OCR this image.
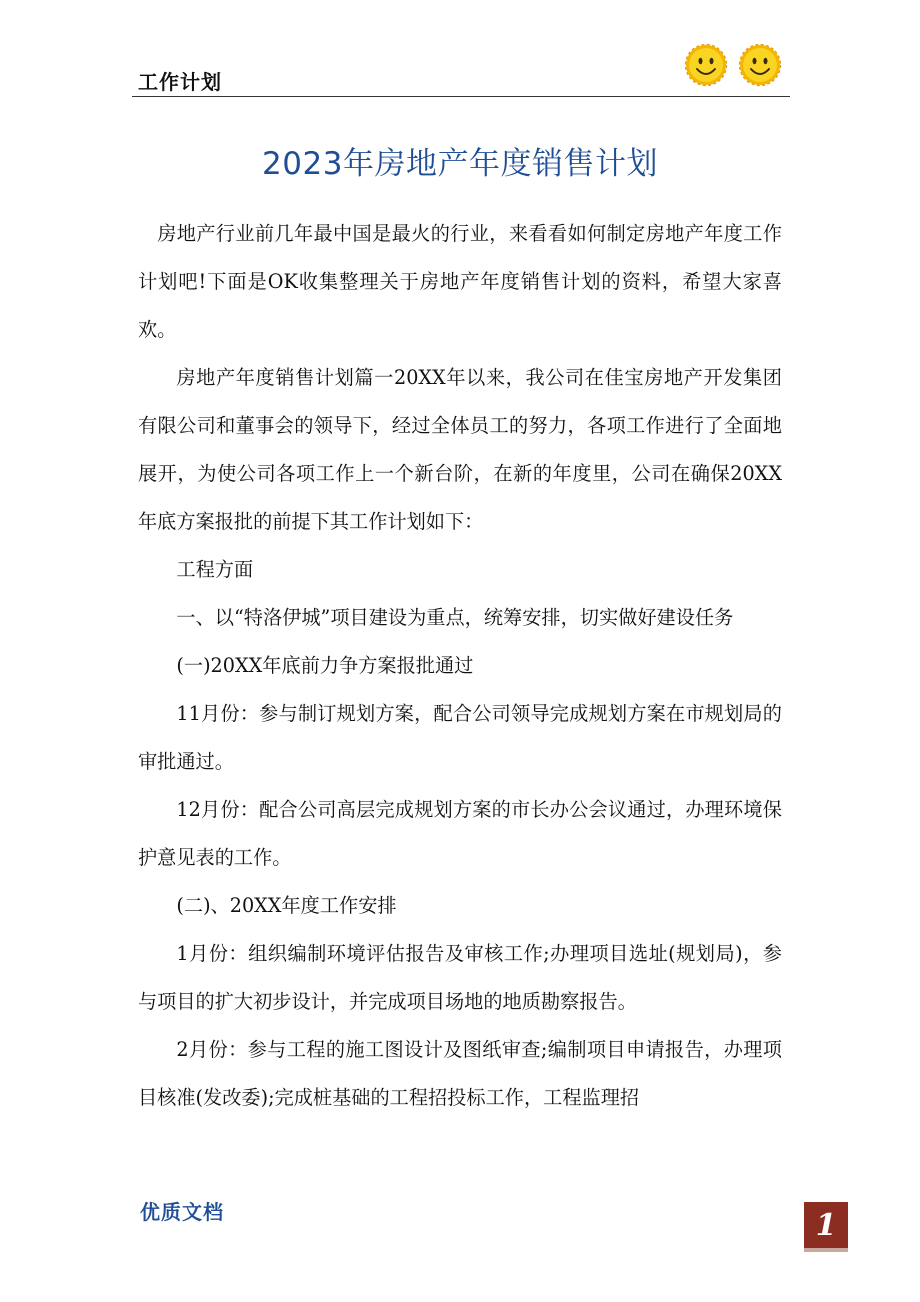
工作计划
2023年房地产年度销售计划

房地产行业前几年最中国是最火的行业，来看看如何制定房地产年度工作计划吧!下面是OK收集整理关于房地产年度销售计划的资料，希望大家喜欢。

房地产年度销售计划篇一20XX年以来，我公司在佳宝房地产开发集团有限公司和董事会的领导下，经过全体员工的努力，各项工作进行了全面地展开，为使公司各项工作上一个新台阶，在新的年度里，公司在确保20XX年底方案报批的前提下其工作计划如下：

工程方面

一、以“特洛伊城”项目建设为重点，统筹安排，切实做好建设任务

(一)20XX年底前力争方案报批通过

11月份：参与制订规划方案，配合公司领导完成规划方案在市规划局的审批通过。

12月份：配合公司高层完成规划方案的市长办公会议通过，办理环境保护意见表的工作。

(二)、20XX年度工作安排

1月份：组织编制环境评估报告及审核工作;办理项目选址(规划局)，参与项目的扩大初步设计，并完成项目场地的地质勘察报告。

2月份：参与工程的施工图设计及图纸审查;编制项目申请报告，办理项目核准(发改委);完成桩基础的工程招投标工作，工程监理招

优质文档	1
